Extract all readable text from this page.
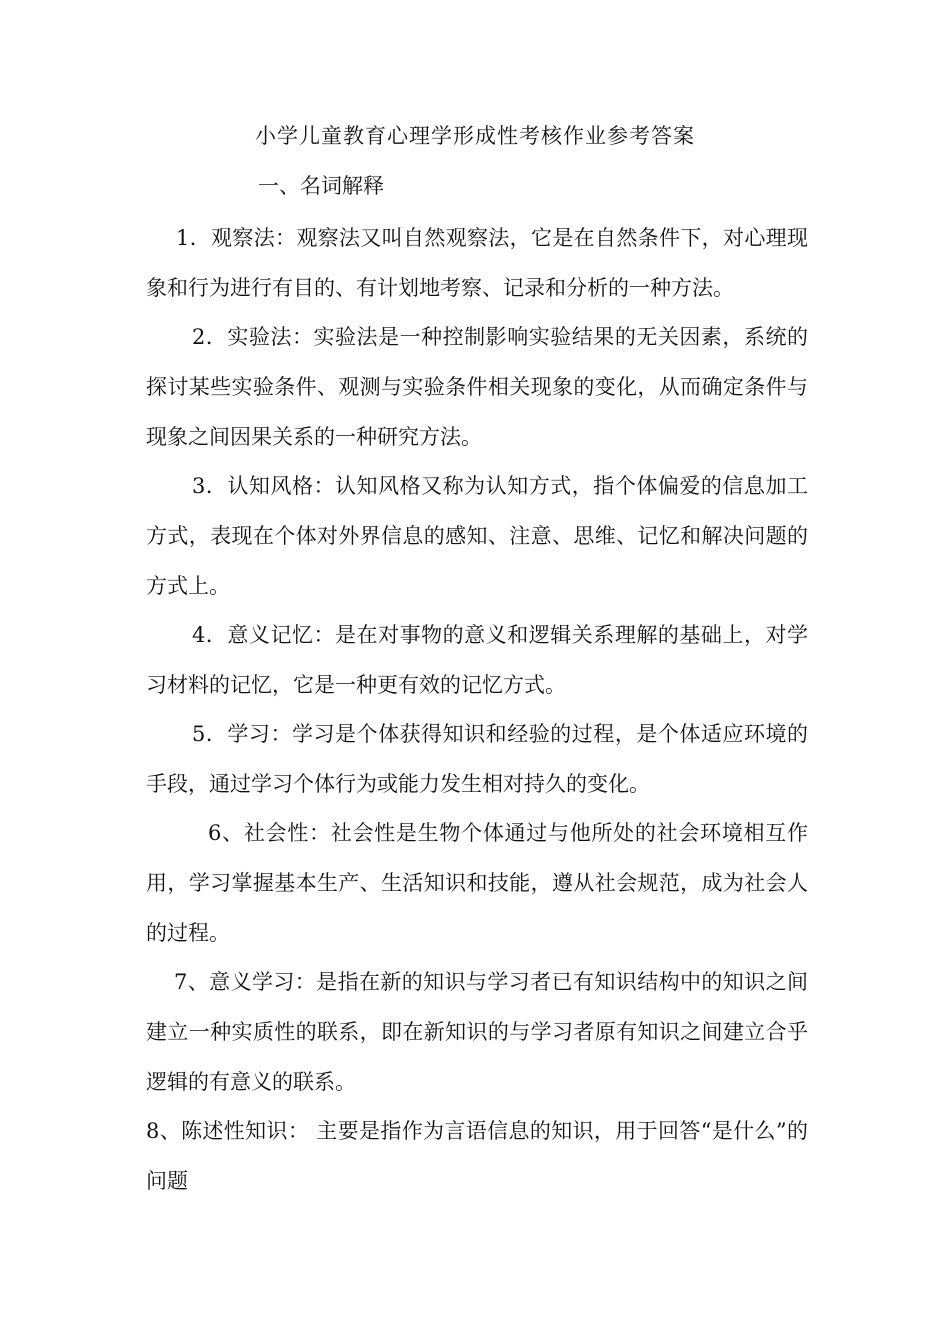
小学儿童教育心理学形成性考核作业参考答案
一、名词解释
1．观察法：观察法又叫自然观察法，它是在自然条件下，对心理现象和行为进行有目的、有计划地考察、记录和分析的一种方法。
2．实验法：实验法是一种控制影响实验结果的无关因素，系统的探讨某些实验条件、观测与实验条件相关现象的变化，从而确定条件与现象之间因果关系的一种研究方法。
3．认知风格：认知风格又称为认知方式，指个体偏爱的信息加工方式，表现在个体对外界信息的感知、注意、思维、记忆和解决问题的方式上。
4．意义记忆：是在对事物的意义和逻辑关系理解的基础上，对学习材料的记忆，它是一种更有效的记忆方式。
5．学习：学习是个体获得知识和经验的过程，是个体适应环境的手段，通过学习个体行为或能力发生相对持久的变化。
6、社会性：社会性是生物个体通过与他所处的社会环境相互作用，学习掌握基本生产、生活知识和技能，遵从社会规范，成为社会人的过程。
7、意义学习：是指在新的知识与学习者已有知识结构中的知识之间建立一种实质性的联系，即在新知识的与学习者原有知识之间建立合乎逻辑的有意义的联系。
8、陈述性知识： 主要是指作为言语信息的知识，用于回答“是什么”的问题
